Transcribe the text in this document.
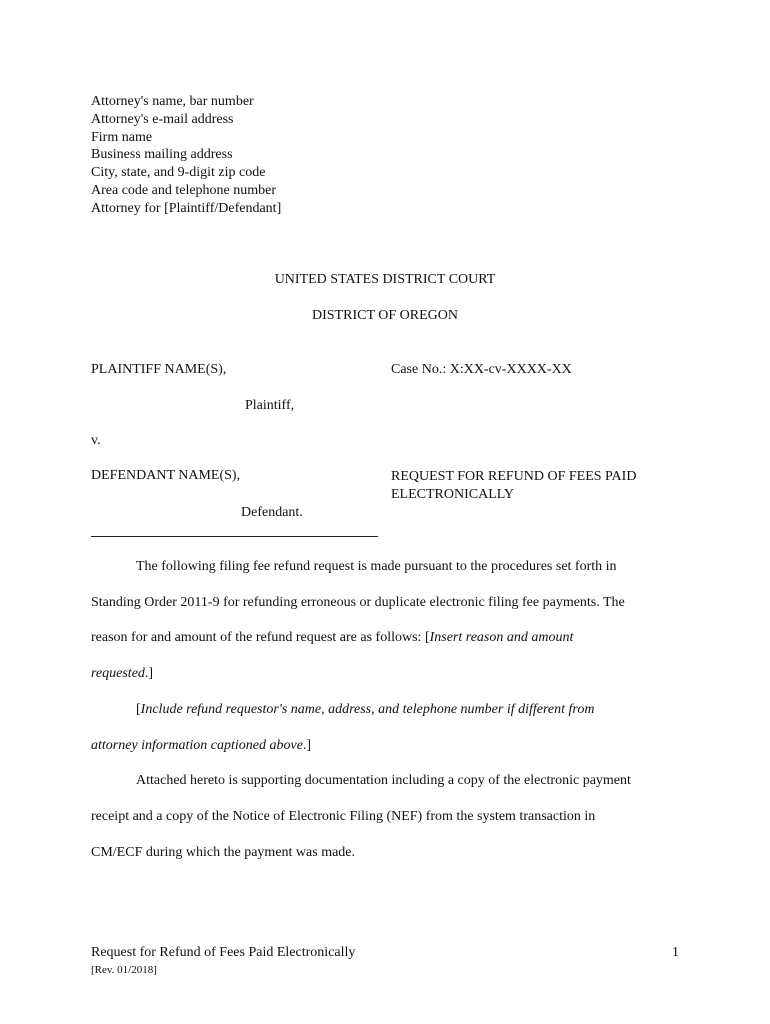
Attorney's name, bar number
Attorney's e-mail address
Firm name
Business mailing address
City, state, and 9-digit zip code
Area code and telephone number
Attorney for [Plaintiff/Defendant]
UNITED STATES DISTRICT COURT
DISTRICT OF OREGON
PLAINTIFF NAME(S),	Case No.: X:XX-cv-XXXX-XX
Plaintiff,
v.
DEFENDANT NAME(S),	REQUEST FOR REFUND OF FEES PAID ELECTRONICALLY
Defendant.
The following filing fee refund request is made pursuant to the procedures set forth in
Standing Order 2011-9 for refunding erroneous or duplicate electronic filing fee payments. The
reason for and amount of the refund request are as follows: [Insert reason and amount
requested.]
[Include refund requestor's name, address, and telephone number if different from
attorney information captioned above.]
Attached hereto is supporting documentation including a copy of the electronic payment
receipt and a copy of the Notice of Electronic Filing (NEF) from the system transaction in
CM/ECF during which the payment was made.
Request for Refund of Fees Paid Electronically
[Rev. 01/2018]
1
